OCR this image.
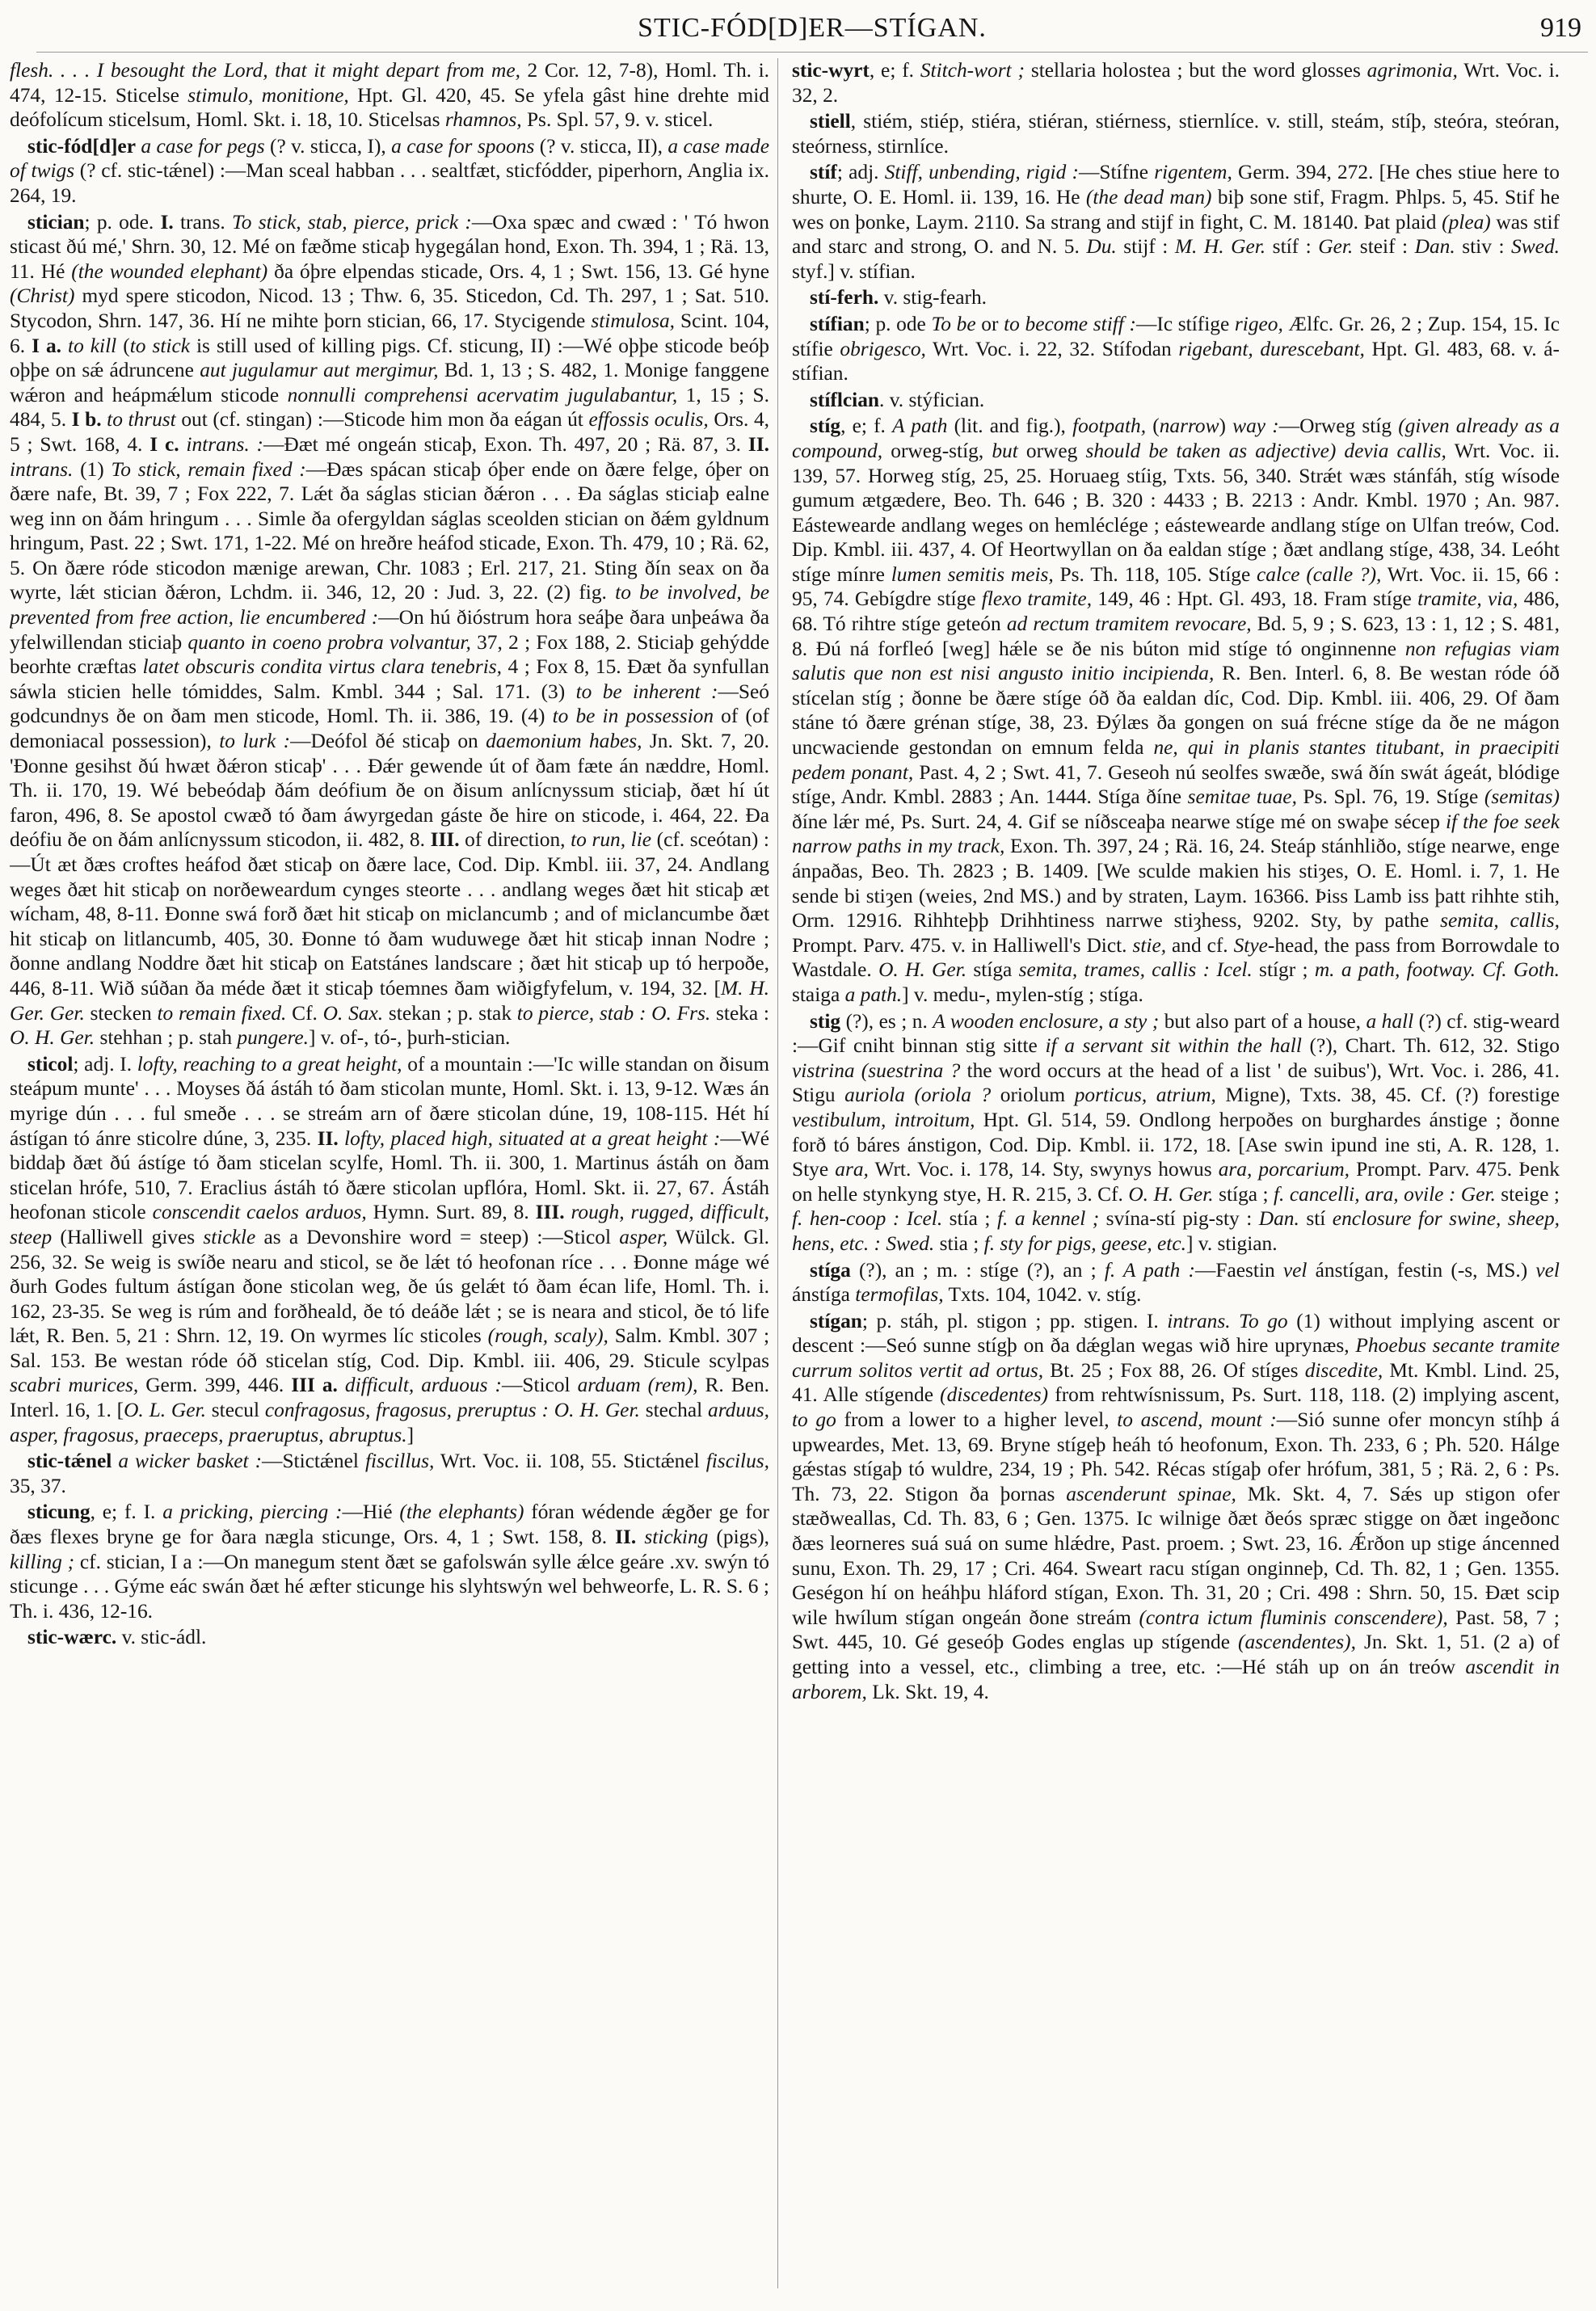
STIC-FÓD[D]ER—STÍGAN.	919

flesh. . . . I besought the Lord, that it might depart from me, 2 Cor. 12, 7-8), Homl. Th. i. 474, 12-15. Sticelse stimulo, monitione, Hpt. Gl. 420, 45. Se yfela gâst hine drehte mid deófolícum sticelsum, Homl. Skt. i. 18, 10. Sticelsas rhamnos, Ps. Spl. 57, 9. v. sticel.

stic-fód[d]er a case for pegs (? v. sticca, I), a case for spoons (? v. sticca, II), a case made of twigs (? cf. stic-tǽnel) :—Man sceal habban . . . sealtfæt, sticfódder, piperhorn, Anglia ix. 264, 19.

stician; p. ode. I. trans. To stick, stab, pierce, prick :—Oxa spæc and cwæd : ' Tó hwon sticast ðú mé,' Shrn. 30, 12. Mé on fæðme sticaþ hygegálan hond, Exon. Th. 394, 1 ; Rä. 13, 11. Hé (the wounded elephant) ða óþre elpendas sticade, Ors. 4, 1 ; Swt. 156, 13. Gé hyne (Christ) myd spere sticodon, Nicod. 13 ; Thw. 6, 35. Sticedon, Cd. Th. 297, 1 ; Sat. 510. Stycodon, Shrn. 147, 36. Hí ne mihte þorn stician, 66, 17. Stycigende stimulosa, Scint. 104, 6. I a. to kill (to stick is still used of killing pigs. Cf. sticung, II) :—Wé oþþe sticode beóþ oþþe on sǽ ádruncene aut jugulamur aut mergimur, Bd. 1, 13 ; S. 482, 1. Monige fanggene wǽron and heápmǽlum sticode nonnulli comprehensi acervatim jugulabantur, 1, 15 ; S. 484, 5. I b. to thrust out (cf. stingan) :—Sticode him mon ða eágan út effossis oculis, Ors. 4, 5 ; Swt. 168, 4. I c. intrans. :—Ðæt mé ongeán sticaþ, Exon. Th. 497, 20 ; Rä. 87, 3. II. intrans. (1) To stick, remain fixed :—Ðæs spácan sticaþ óþer ende on ðære felge, óþer on ðære nafe, Bt. 39, 7 ; Fox 222, 7. Lǽt ða ságlas stician ðǽron . . . Ða ságlas sticiaþ ealne weg inn on ðám hringum . . . Simle ða ofergyldan ságlas sceolden stician on ðǽm gyldnum hringum, Past. 22 ; Swt. 171, 1-22. Mé on hreðre heáfod sticade, Exon. Th. 479, 10 ; Rä. 62, 5. On ðære róde sticodon mænige arewan, Chr. 1083 ; Erl. 217, 21. Sting ðín seax on ða wyrte, lǽt stician ðǽron, Lchdm. ii. 346, 12, 20 : Jud. 3, 22. (2) fig. to be involved, be prevented from free action, lie encumbered :—On hú ðióstrum hora seáþe ðara unþeáwa ða yfelwillendan sticiaþ quanto in coeno probra volvantur, 37, 2 ; Fox 188, 2. Sticiaþ gehýdde beorhte cræftas latet obscuris condita virtus clara tenebris, 4 ; Fox 8, 15. Ðæt ða synfullan sáwla sticien helle tómiddes, Salm. Kmbl. 344 ; Sal. 171. (3) to be inherent :—Seó godcundnys ðe on ðam men sticode, Homl. Th. ii. 386, 19. (4) to be in possession of (of demoniacal possession), to lurk :—Deófol ðé sticaþ on daemonium habes, Jn. Skt. 7, 20. 'Ðonne gesihst ðú hwæt ðǽron sticaþ' . . . Ðǽr gewende út of ðam fæte án næddre, Homl. Th. ii. 170, 19. Wé bebeódaþ ðám deófium ðe on ðisum anlícnyssum sticiaþ, ðæt hí út faron, 496, 8. Se apostol cwæð tó ðam áwyrgedan gáste ðe hire on sticode, i. 464, 22. Ða deófiu ðe on ðám anlícnyssum sticodon, ii. 482, 8. III. of direction, to run, lie (cf. sceótan) :—Út æt ðæs croftes heáfod ðæt sticaþ on ðære lace, Cod. Dip. Kmbl. iii. 37, 24. Andlang weges ðæt hit sticaþ on norðeweardum cynges steorte . . . andlang weges ðæt hit sticaþ æt wícham, 48, 8-11. Ðonne swá forð ðæt hit sticaþ on miclancumb ; and of miclancumbe ðæt hit sticaþ on litlancumb, 405, 30. Ðonne tó ðam wuduwege ðæt hit sticaþ innan Nodre ; ðonne andlang Noddre ðæt hit sticaþ on Eatstánes landscare ; ðæt hit sticaþ up tó herpoðe, 446, 8-11. Wið súðan ða méde ðæt it sticaþ tóemnes ðam wiðigfyfelum, v. 194, 32. [M. H. Ger. Ger. stecken to remain fixed. Cf. O. Sax. stekan ; p. stak to pierce, stab : O. Frs. steka : O. H. Ger. stehhan ; p. stah pungere.] v. of-, tó-, þurh-stician.

sticol; adj. I. lofty, reaching to a great height, of a mountain :—'Ic wille standan on ðisum steápum munte' . . . Moyses ðá ástáh tó ðam sticolan munte, Homl. Skt. i. 13, 9-12. Wæs án myrige dún . . . ful smeðe . . . se streám arn of ðære sticolan dúne, 19, 108-115. Hét hí ástígan tó ánre sticolre dúne, 3, 235. II. lofty, placed high, situated at a great height :—Wé biddaþ ðæt ðú ástíge tó ðam sticelan scylfe, Homl. Th. ii. 300, 1. Martinus ástáh on ðam sticelan hrófe, 510, 7. Eraclius ástáh tó ðære sticolan upflóra, Homl. Skt. ii. 27, 67. Ástáh heofonan sticole conscendit caelos arduos, Hymn. Surt. 89, 8. III. rough, rugged, difficult, steep (Halliwell gives stickle as a Devonshire word = steep) :—Sticol asper, Wülck. Gl. 256, 32. Se weig is swíðe nearu and sticol, se ðe lǽt tó heofonan ríce . . . Ðonne máge wé ðurh Godes fultum ástígan ðone sticolan weg, ðe ús gelǽt tó ðam écan life, Homl. Th. i. 162, 23-35. Se weg is rúm and forðheald, ðe tó deáðe lǽt ; se is neara and sticol, ðe tó life lǽt, R. Ben. 5, 21 : Shrn. 12, 19. On wyrmes líc sticoles (rough, scaly), Salm. Kmbl. 307 ; Sal. 153. Be westan róde óð sticelan stíg, Cod. Dip. Kmbl. iii. 406, 29. Sticule scylpas scabri murices, Germ. 399, 446. III a. difficult, arduous :—Sticol arduam (rem), R. Ben. Interl. 16, 1. [O. L. Ger. stecul confragosus, fragosus, preruptus : O. H. Ger. stechal arduus, asper, fragosus, praeceps, praeruptus, abruptus.]

stic-tǽnel a wicker basket :—Stictǽnel fiscillus, Wrt. Voc. ii. 108, 55. Stictǽnel fiscilus, 35, 37.

sticung, e; f. I. a pricking, piercing :—Hié (the elephants) fóran wédende ǽgðer ge for ðæs flexes bryne ge for ðara nægla sticunge, Ors. 4, 1 ; Swt. 158, 8. II. sticking (pigs), killing ; cf. stician, I a :—On manegum stent ðæt se gafolswán sylle ǽlce geáre .xv. swýn tó sticunge . . . Gýme eác swán ðæt hé æfter sticunge his slyhtswýn wel behweorfe, L. R. S. 6 ; Th. i. 436, 12-16.

stic-wærc. v. stic-ádl.

stic-wyrt, e; f. Stitch-wort ; stellaria holostea ; but the word glosses agrimonia, Wrt. Voc. i. 32, 2.

stiell, stiém, stiép, stiéra, stiéran, stiérness, stiernlíce. v. still, steám, stíþ, steóra, steóran, steórness, stirnlíce.

stíf; adj. Stiff, unbending, rigid :—Stífne rigentem, Germ. 394, 272. [He ches stiue here to shurte, O. E. Homl. ii. 139, 16. He (the dead man) biþ sone stif, Fragm. Phlps. 5, 45. Stif he wes on þonke, Laym. 2110. Sa strang and stijf in fight, C. M. 18140. Þat plaid (plea) was stif and starc and strong, O. and N. 5. Du. stijf : M. H. Ger. stíf : Ger. steif : Dan. stiv : Swed. styf.] v. stífian.

stí-ferh. v. stig-fearh.

stífian; p. ode To be or to become stiff :—Ic stífige rigeo, Ælfc. Gr. 26, 2 ; Zup. 154, 15. Ic stífie obrigesco, Wrt. Voc. i. 22, 32. Stífodan rigebant, durescebant, Hpt. Gl. 483, 68. v. á-stífian.

stíflcian. v. stýfician.

stíg, e; f. A path (lit. and fig.), footpath, (narrow) way :—Orweg stíg (given already as a compound, orweg-stíg, but orweg should be taken as adjective) devia callis, Wrt. Voc. ii. 139, 57. Horweg stíg, 25, 25. Horuaeg stíig, Txts. 56, 340. Strǽt wæs stánfáh, stíg wísode gumum ætgædere, Beo. Th. 646 ; B. 320 : 4433 ; B. 2213 : Andr. Kmbl. 1970 ; An. 987. Eástewearde andlang weges on hemléclége ; eástewearde andlang stíge on Ulfan treów, Cod. Dip. Kmbl. iii. 437, 4. Of Heortwyllan on ða ealdan stíge ; ðæt andlang stíge, 438, 34. Leóht stíge mínre lumen semitis meis, Ps. Th. 118, 105. Stíge calce (calle ?), Wrt. Voc. ii. 15, 66 : 95, 74. Gebígdre stíge flexo tramite, 149, 46 : Hpt. Gl. 493, 18. Fram stíge tramite, via, 486, 68. Tó rihtre stíge geteón ad rectum tramitem revocare, Bd. 5, 9 ; S. 623, 13 : 1, 12 ; S. 481, 8. Ðú ná forfleó [weg] hǽle se ðe nis búton mid stíge tó onginnenne non refugias viam salutis que non est nisi angusto initio incipienda, R. Ben. Interl. 6, 8. Be westan róde óð stícelan stíg ; ðonne be ðære stíge óð ða ealdan díc, Cod. Dip. Kmbl. iii. 406, 29. Of ðam stáne tó ðære grénan stíge, 38, 23. Ðýlæs ða gongen on suá frécne stíge da ðe ne mágon uncwaciende gestondan on emnum felda ne, qui in planis stantes titubant, in praecipiti pedem ponant, Past. 4, 2 ; Swt. 41, 7. Geseoh nú seolfes swæðe, swá ðín swát ágeát, blódige stíge, Andr. Kmbl. 2883 ; An. 1444. Stíga ðíne semitae tuae, Ps. Spl. 76, 19. Stíge (semitas) ðíne lǽr mé, Ps. Surt. 24, 4. Gif se níðsceaþa nearwe stíge mé on swaþe sécep if the foe seek narrow paths in my track, Exon. Th. 397, 24 ; Rä. 16, 24. Steáp stánhliðo, stíge nearwe, enge ánpaðas, Beo. Th. 2823 ; B. 1409. [We sculde makien his stiȝes, O. E. Homl. i. 7, 1. He sende bi stiȝen (weies, 2nd MS.) and by straten, Laym. 16366. Þiss Lamb iss þatt rihhte stih, Orm. 12916. Rihhteþþ Drihhtiness narrwe stiȝhess, 9202. Sty, by pathe semita, callis, Prompt. Parv. 475. v. in Halliwell's Dict. stie, and cf. Stye-head, the pass from Borrowdale to Wastdale. O. H. Ger. stíga semita, trames, callis : Icel. stígr ; m. a path, footway. Cf. Goth. staiga a path.] v. medu-, mylen-stíg ; stíga.

stig (?), es ; n. A wooden enclosure, a sty ; but also part of a house, a hall (?) cf. stig-weard :—Gif cniht binnan stig sitte if a servant sit within the hall (?), Chart. Th. 612, 32. Stigo vistrina (suestrina ? the word occurs at the head of a list ' de suibus'), Wrt. Voc. i. 286, 41. Stigu auriola (oriola ? oriolum porticus, atrium, Migne), Txts. 38, 45. Cf. (?) forestige vestibulum, introitum, Hpt. Gl. 514, 59. Ondlong herpoðes on burghardes ánstige ; ðonne forð tó báres ánstigon, Cod. Dip. Kmbl. ii. 172, 18. [Ase swin ipund ine sti, A. R. 128, 1. Stye ara, Wrt. Voc. i. 178, 14. Sty, swynys howus ara, porcarium, Prompt. Parv. 475. Þenk on helle stynkyng stye, H. R. 215, 3. Cf. O. H. Ger. stíga ; f. cancelli, ara, ovile : Ger. steige ; f. hen-coop : Icel. stía ; f. a kennel ; svína-stí pig-sty : Dan. stí enclosure for swine, sheep, hens, etc. : Swed. stia ; f. sty for pigs, geese, etc.] v. stigian.

stíga (?), an ; m. : stíge (?), an ; f. A path :—Faestin vel ánstígan, festin (-s, MS.) vel ánstíga termofilas, Txts. 104, 1042. v. stíg.

stígan; p. stáh, pl. stigon ; pp. stigen. I. intrans. To go (1) without implying ascent or descent :—Seó sunne stígþ on ða dǽglan wegas wið hire uprynæs, Phoebus secante tramite currum solitos vertit ad ortus, Bt. 25 ; Fox 88, 26. Of stíges discedite, Mt. Kmbl. Lind. 25, 41. Alle stígende (discedentes) from rehtwísnissum, Ps. Surt. 118, 118. (2) implying ascent, to go from a lower to a higher level, to ascend, mount :—Sió sunne ofer moncyn stíhþ á upweardes, Met. 13, 69. Bryne stígeþ heáh tó heofonum, Exon. Th. 233, 6 ; Ph. 520. Hálge gǽstas stígaþ tó wuldre, 234, 19 ; Ph. 542. Récas stígaþ ofer hrófum, 381, 5 ; Rä. 2, 6 : Ps. Th. 73, 22. Stigon ða þornas ascenderunt spinae, Mk. Skt. 4, 7. Sǽs up stigon ofer stæðweallas, Cd. Th. 83, 6 ; Gen. 1375. Ic wilnige ðæt ðeós spræc stigge on ðæt ingeðonc ðæs leorneres suá suá on sume hlǽdre, Past. proem. ; Swt. 23, 16. Ǽrðon up stige áncenned sunu, Exon. Th. 29, 17 ; Cri. 464. Sweart racu stígan onginneþ, Cd. Th. 82, 1 ; Gen. 1355. Geségon hí on heáhþu hláford stígan, Exon. Th. 31, 20 ; Cri. 498 : Shrn. 50, 15. Ðæt scip wile hwílum stígan ongeán ðone streám (contra ictum fluminis conscendere), Past. 58, 7 ; Swt. 445, 10. Gé geseóþ Godes englas up stígende (ascendentes), Jn. Skt. 1, 51. (2 a) of getting into a vessel, etc., climbing a tree, etc. :—Hé stáh up on án treów ascendit in arborem, Lk. Skt. 19, 4.
